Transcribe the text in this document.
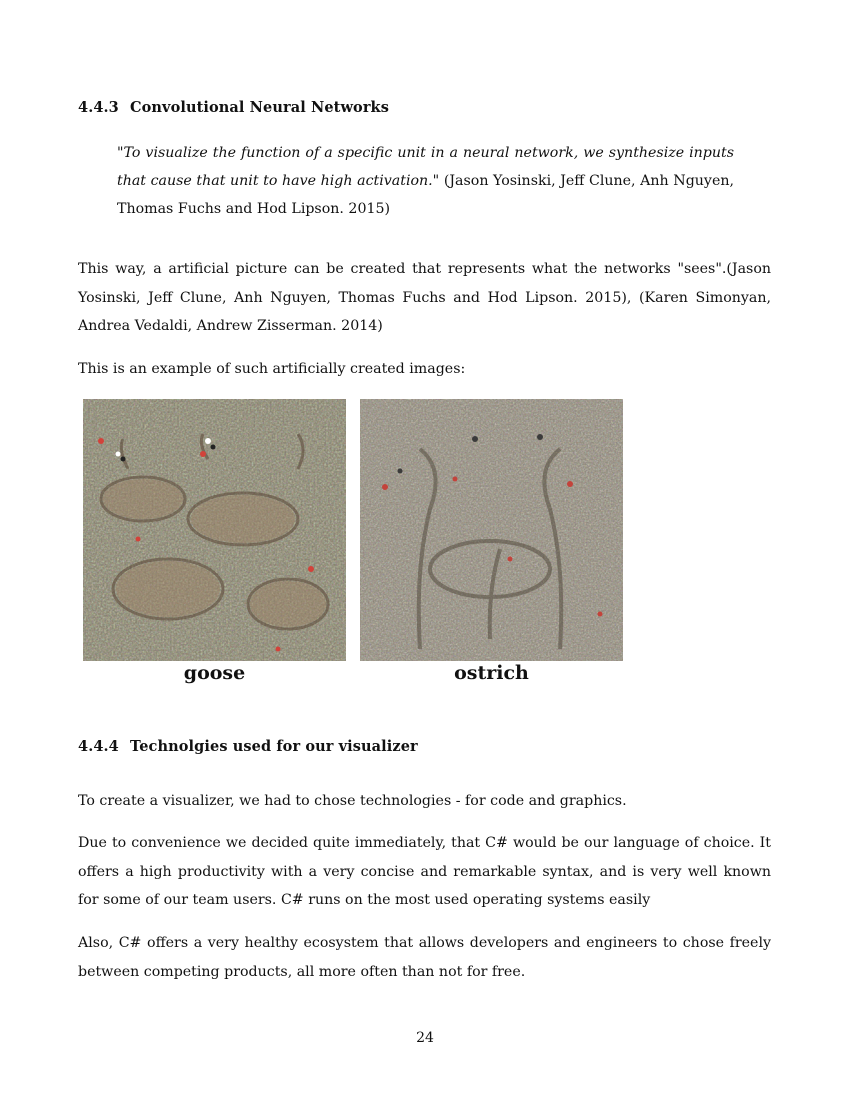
4.4.3 Convolutional Neural Networks
"To visualize the function of a specific unit in a neural network, we synthesize inputs that cause that unit to have high activation." (Jason Yosinski, Jeff Clune, Anh Nguyen, Thomas Fuchs and Hod Lipson. 2015)
This way, a artificial picture can be created that represents what the networks "sees".(Jason Yosinski, Jeff Clune, Anh Nguyen, Thomas Fuchs and Hod Lipson. 2015), (Karen Simonyan, Andrea Vedaldi, Andrew Zisserman. 2014)
This is an example of such artificially created images:
goose	ostrich
4.4.4 Technolgies used for our visualizer
To create a visualizer, we had to chose technologies - for code and graphics.
Due to convenience we decided quite immediately, that C# would be our language of choice. It offers a high productivity with a very concise and remarkable syntax, and is very well known for some of our team users. C# runs on the most used operating systems easily
Also, C# offers a very healthy ecosystem that allows developers and engineers to chose freely between competing products, all more often than not for free.
24
